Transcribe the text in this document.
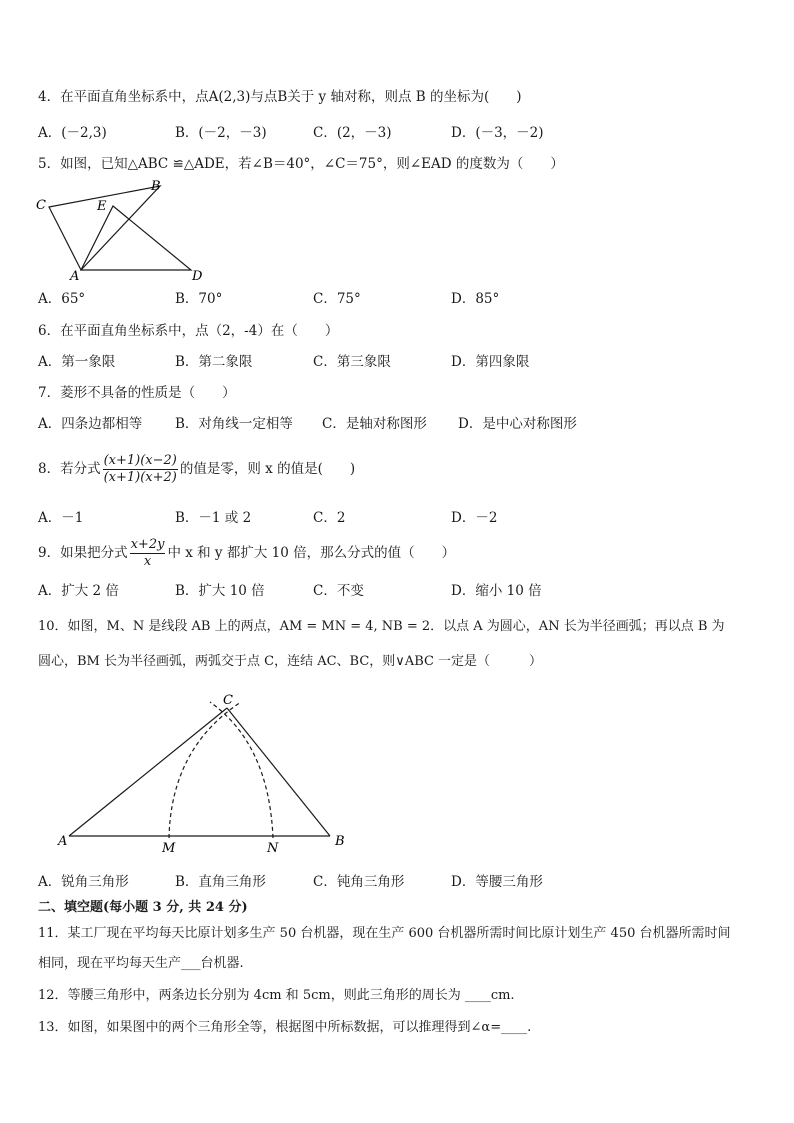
4．在平面直角坐标系中，点A(2,3)与点B关于 y 轴对称，则点 B 的坐标为(　　)
A．(－2,3)	B．(－2，－3)	C．(2，－3)	D．(－3，－2)
5．如图，已知△ABC ≌△ADE，若∠B＝40°，∠C＝75°，则∠EAD 的度数为（　　）
C
B
E
A	D
A．65°	B．70°	C．75°	D．85°
6．在平面直角坐标系中，点（2，-4）在（　　）
A．第一象限	B．第二象限	C．第三象限	D．第四象限
7．菱形不具备的性质是（　　）
A．四条边都相等 B．对角线一定相等 C．是轴对称图形 D．是中心对称图形
8．若分式 $\frac{(x+1)(x-2)}{(x+1)(x+2)}$ 的值是零，则 x 的值是(　　)
A．－1	B．－1 或 2	C．2	D．－2
9．如果把分式 $\frac{x+2y}{x}$ 中 x 和 y 都扩大 10 倍，那么分式的值（　　）
A．扩大 2 倍	B．扩大 10 倍	C．不变	D．缩小 10 倍
10．如图，M、N 是线段 AB 上的两点，AM = MN = 4, NB = 2．以点 A 为圆心，AN 长为半径画弧；再以点 B 为
圆心，BM 长为半径画弧，两弧交于点 C，连结 AC、BC，则∨ABC 一定是（　　　）
C
A	B
M	N
A．锐角三角形	B．直角三角形	C．钝角三角形	D．等腰三角形
二、填空题(每小题 3 分, 共 24 分)
11．某工厂现在平均每天比原计划多生产 50 台机器，现在生产 600 台机器所需时间比原计划生产 450 台机器所需时间
相同，现在平均每天生产___台机器.
12．等腰三角形中，两条边长分别为 4cm 和 5cm，则此三角形的周长为 ____cm.
13．如图，如果图中的两个三角形全等，根据图中所标数据，可以推理得到∠α=____.
